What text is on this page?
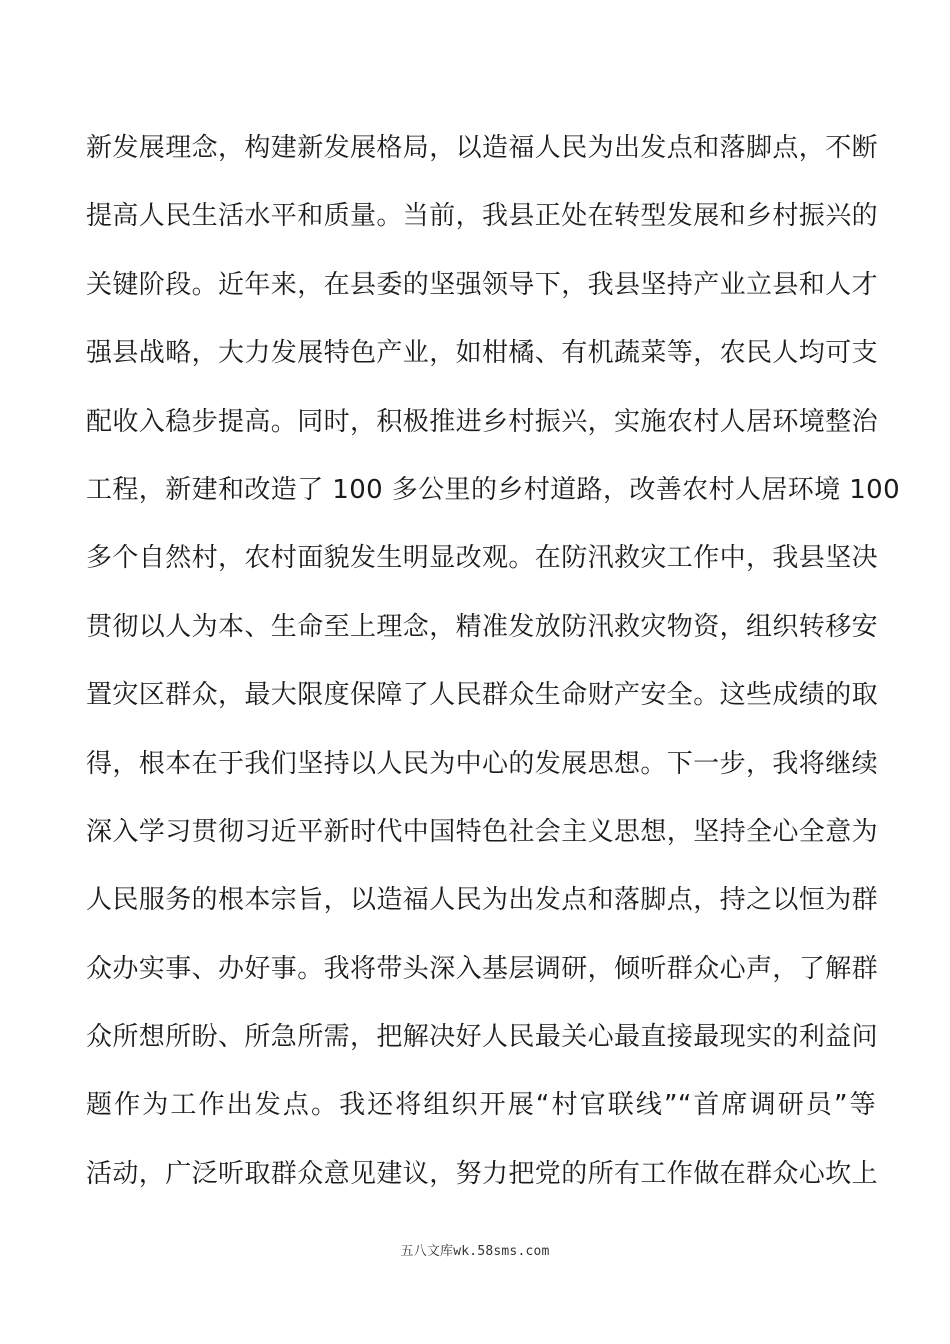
新发展理念，构建新发展格局，以造福人民为出发点和落脚点，不断
提高人民生活水平和质量。当前，我县正处在转型发展和乡村振兴的
关键阶段。近年来，在县委的坚强领导下，我县坚持产业立县和人才
强县战略，大力发展特色产业，如柑橘、有机蔬菜等，农民人均可支
配收入稳步提高。同时，积极推进乡村振兴，实施农村人居环境整治
工程，新建和改造了 100 多公里的乡村道路，改善农村人居环境 100
多个自然村，农村面貌发生明显改观。在防汛救灾工作中，我县坚决
贯彻以人为本、生命至上理念，精准发放防汛救灾物资，组织转移安
置灾区群众，最大限度保障了人民群众生命财产安全。这些成绩的取
得，根本在于我们坚持以人民为中心的发展思想。下一步，我将继续
深入学习贯彻习近平新时代中国特色社会主义思想，坚持全心全意为
人民服务的根本宗旨，以造福人民为出发点和落脚点，持之以恒为群
众办实事、办好事。我将带头深入基层调研，倾听群众心声，了解群
众所想所盼、所急所需，把解决好人民最关心最直接最现实的利益问
题作为工作出发点。我还将组织开展“村官联线”“首席调研员”等
活动，广泛听取群众意见建议，努力把党的所有工作做在群众心坎上
五八文库wk.58sms.com
